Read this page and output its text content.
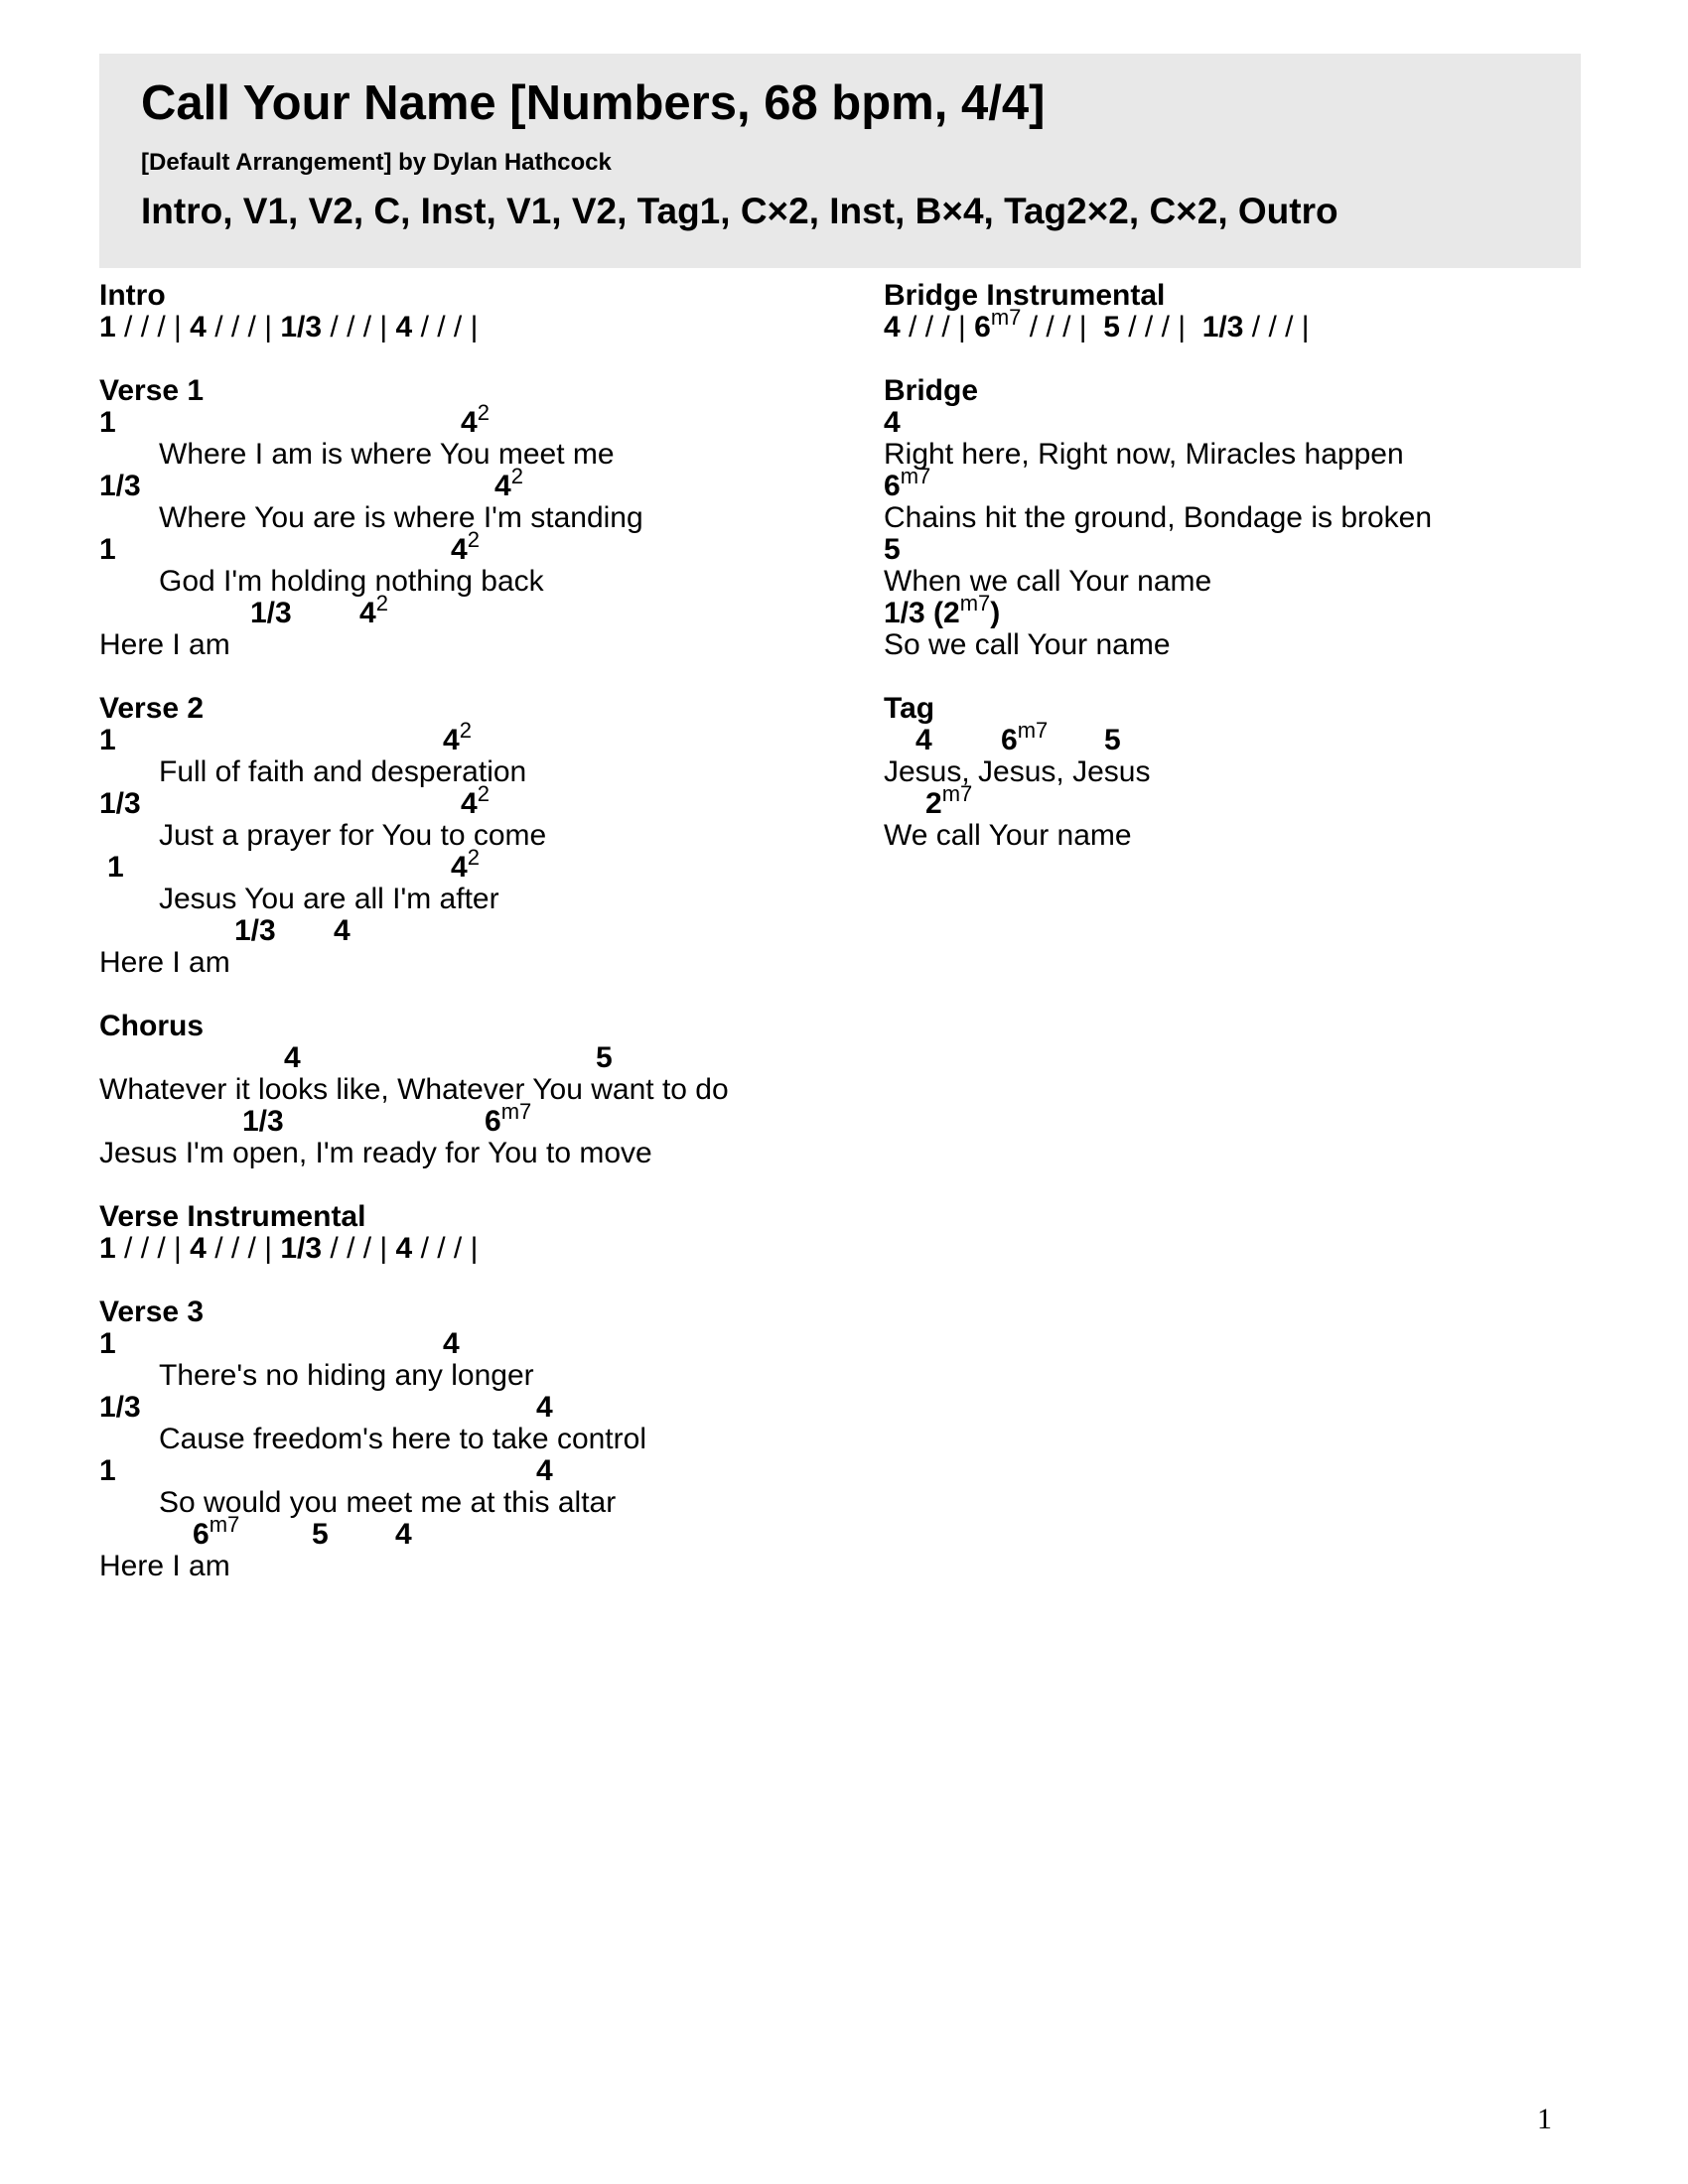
Call Your Name [Numbers, 68 bpm, 4/4]
[Default Arrangement] by Dylan Hathcock
Intro, V1, V2, C, Inst, V1, V2, Tag1, C×2, Inst, B×4, Tag2×2, C×2, Outro
Intro
1 / / / | 4 / / / | 1/3 / / / | 4 / / / |
Verse 1
1	$4^2$
Where I am is where You meet me
1/3	$4^2$
Where You are is where I'm standing
1	$4^2$
God I'm holding nothing back
1/3 $4^2$
Here I am
Verse 2
1	$4^2$
Full of faith and desperation
1/3	$4^2$
Just a prayer for You to come
1	$4^2$
Jesus You are all I'm after
1/3 4
Here I am
Chorus
4	5
Whatever it looks like, Whatever You want to do
1/3	$6^{m7}$
Jesus I'm open, I'm ready for You to move
Verse Instrumental
1 / / / | 4 / / / | 1/3 / / / | 4 / / / |
Verse 3
1	4
There's no hiding any longer
1/3	4
Cause freedom's here to take control
1	4
So would you meet me at this altar
$6^{m7}$ 5 4
Here I am
Bridge Instrumental
4 / / / | $6^{m7}$ / / / |  5 / / / |  1/3 / / / |
Bridge
4
Right here, Right now, Miracles happen
$6^{m7}$
Chains hit the ground, Bondage is broken
5
When we call Your name
1/3 $(2^{m7})$
So we call Your name
Tag
4 $6^{m7}$ 5
Jesus, Jesus, Jesus
$2^{m7}$
We call Your name
1
